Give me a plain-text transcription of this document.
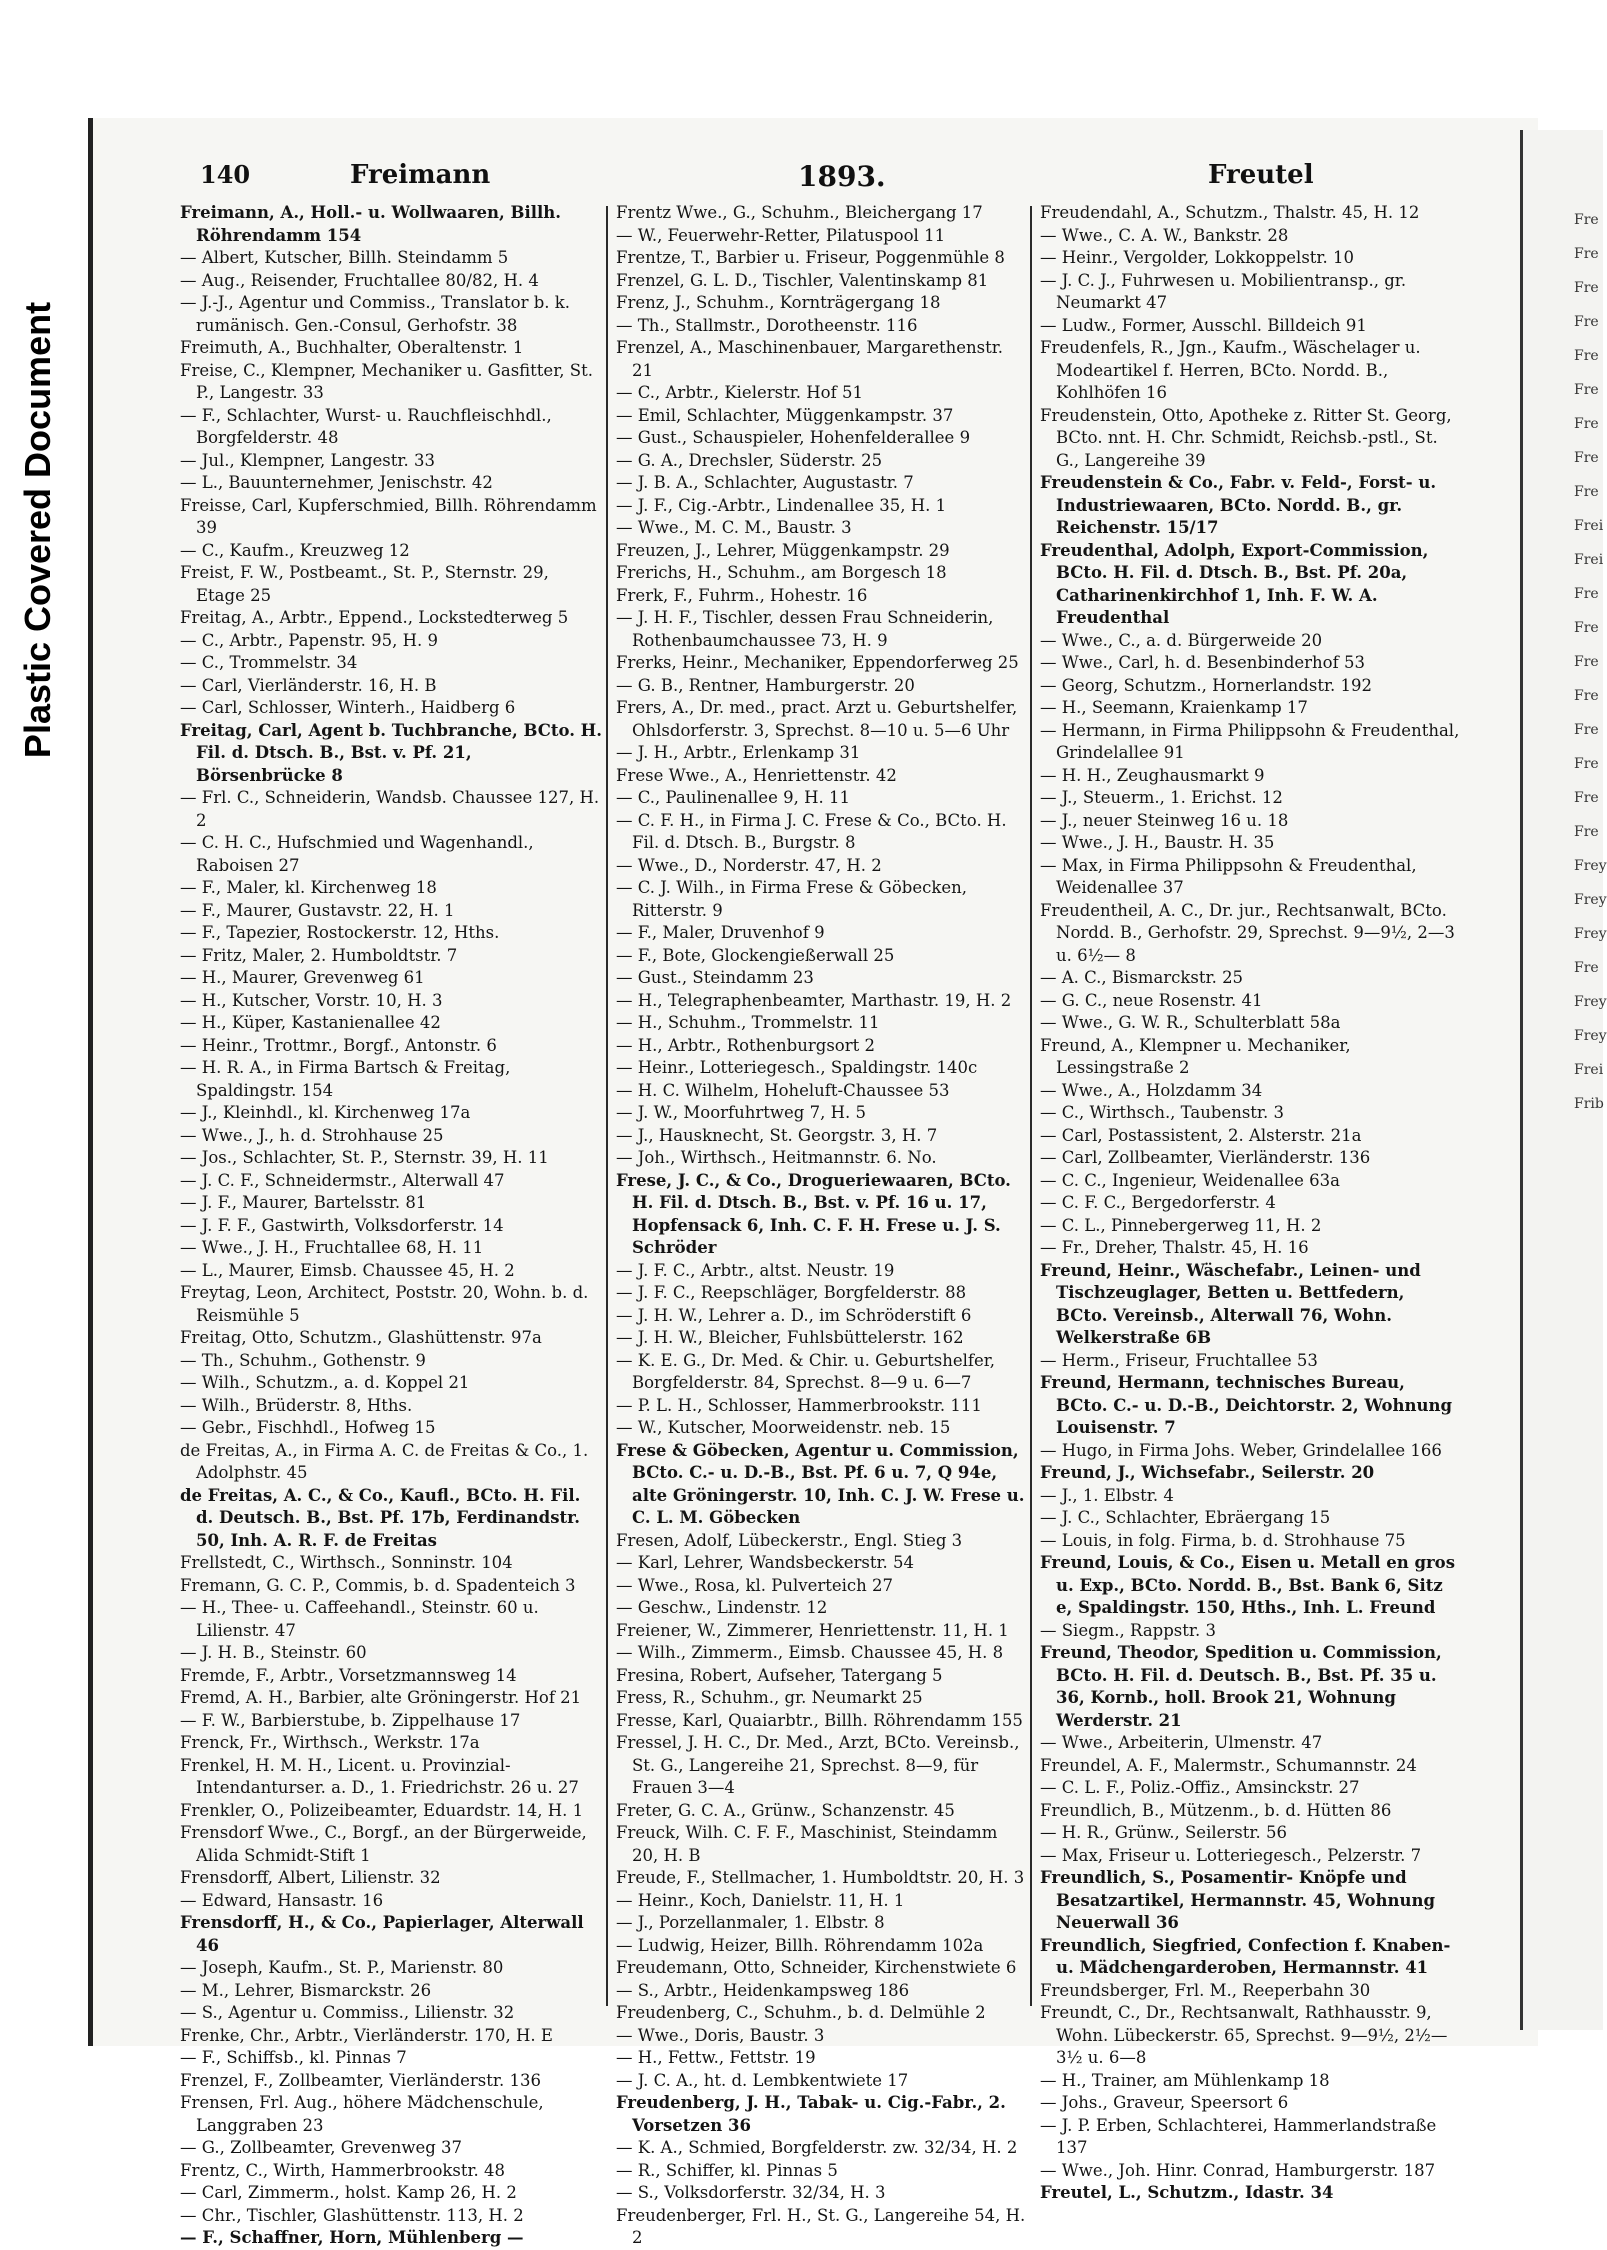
Plastic Covered Document
140	Freimann	1893.	Freutel

Freimann, A., Holl.- u. Wollwaaren, Billh. Röhrendamm 154

— Albert, Kutscher, Billh. Steindamm 5

— Aug., Reisender, Fruchtallee 80/82, H. 4

— J.-J., Agentur und Commiss., Translator b. k. rumänisch. Gen.-Consul, Gerhofstr. 38

Freimuth, A., Buchhalter, Oberaltenstr. 1

Freise, C., Klempner, Mechaniker u. Gasfitter, St. P., Langestr. 33

— F., Schlachter, Wurst- u. Rauchfleischhdl., Borgfelderstr. 48

— Jul., Klempner, Langestr. 33

— L., Bauunternehmer, Jenischstr. 42

Freisse, Carl, Kupferschmied, Billh. Röhrendamm 39

— C., Kaufm., Kreuzweg 12

Freist, F. W., Postbeamt., St. P., Sternstr. 29, Etage 25

Freitag, A., Arbtr., Eppend., Lockstedterweg 5

— C., Arbtr., Papenstr. 95, H. 9

— C., Trommelstr. 34

— Carl, Vierländerstr. 16, H. B

— Carl, Schlosser, Winterh., Haidberg 6

Freitag, Carl, Agent b. Tuchbranche, BCto. H. Fil. d. Dtsch. B., Bst. v. Pf. 21, Börsenbrücke 8

— Frl. C., Schneiderin, Wandsb. Chaussee 127, H. 2

— C. H. C., Hufschmied und Wagenhandl., Raboisen 27

— F., Maler, kl. Kirchenweg 18

— F., Maurer, Gustavstr. 22, H. 1

— F., Tapezier, Rostockerstr. 12, Hths.

— Fritz, Maler, 2. Humboldtstr. 7

— H., Maurer, Grevenweg 61

— H., Kutscher, Vorstr. 10, H. 3

— H., Küper, Kastanienallee 42

— Heinr., Trottmr., Borgf., Antonstr. 6

— H. R. A., in Firma Bartsch & Freitag, Spaldingstr. 154

— J., Kleinhdl., kl. Kirchenweg 17a

— Wwe., J., h. d. Strohhause 25

— Jos., Schlachter, St. P., Sternstr. 39, H. 11

— J. C. F., Schneidermstr., Alterwall 47

— J. F., Maurer, Bartelsstr. 81

— J. F. F., Gastwirth, Volksdorferstr. 14

— Wwe., J. H., Fruchtallee 68, H. 11

— L., Maurer, Eimsb. Chaussee 45, H. 2

Freytag, Leon, Architect, Poststr. 20, Wohn. b. d. Reismühle 5

Freitag, Otto, Schutzm., Glashüttenstr. 97a

— Th., Schuhm., Gothenstr. 9

— Wilh., Schutzm., a. d. Koppel 21

— Wilh., Brüderstr. 8, Hths.

— Gebr., Fischhdl., Hofweg 15

de Freitas, A., in Firma A. C. de Freitas & Co., 1. Adolphstr. 45

de Freitas, A. C., & Co., Kaufl., BCto. H. Fil. d. Deutsch. B., Bst. Pf. 17b, Ferdinandstr. 50, Inh. A. R. F. de Freitas

Frellstedt, C., Wirthsch., Sonninstr. 104

Fremann, G. C. P., Commis, b. d. Spadenteich 3

— H., Thee- u. Caffeehandl., Steinstr. 60 u. Lilienstr. 47

— J. H. B., Steinstr. 60

Fremde, F., Arbtr., Vorsetzmannsweg 14

Fremd, A. H., Barbier, alte Gröningerstr. Hof 21

— F. W., Barbierstube, b. Zippelhause 17

Frenck, Fr., Wirthsch., Werkstr. 17a

Frenkel, H. M. H., Licent. u. Provinzial-Intendanturser. a. D., 1. Friedrichstr. 26 u. 27

Frenkler, O., Polizeibeamter, Eduardstr. 14, H. 1

Frensdorf Wwe., C., Borgf., an der Bürgerweide, Alida Schmidt-Stift 1

Frensdorff, Albert, Lilienstr. 32

— Edward, Hansastr. 16

Frensdorff, H., & Co., Papierlager, Alterwall 46

— Joseph, Kaufm., St. P., Marienstr. 80

— M., Lehrer, Bismarckstr. 26

— S., Agentur u. Commiss., Lilienstr. 32

Frenke, Chr., Arbtr., Vierländerstr. 170, H. E

— F., Schiffsb., kl. Pinnas 7

Frenzel, F., Zollbeamter, Vierländerstr. 136

Frensen, Frl. Aug., höhere Mädchenschule, Langgraben 23

— G., Zollbeamter, Grevenweg 37

Frentz, C., Wirth, Hammerbrookstr. 48

— Carl, Zimmerm., holst. Kamp 26, H. 2

— Chr., Tischler, Glashüttenstr. 113, H. 2

— F., Schaffner, Horn, Mühlenberg —

Frentz Wwe., G., Schuhm., Bleichergang 17

— W., Feuerwehr-Retter, Pilatuspool 11

Frentze, T., Barbier u. Friseur, Poggenmühle 8

Frenzel, G. L. D., Tischler, Valentinskamp 81

Frenz, J., Schuhm., Kornträgergang 18

— Th., Stallmstr., Dorotheenstr. 116

Frenzel, A., Maschinenbauer, Margarethenstr. 21

— C., Arbtr., Kielerstr. Hof 51

— Emil, Schlachter, Müggenkampstr. 37

— Gust., Schauspieler, Hohenfelderallee 9

— G. A., Drechsler, Süderstr. 25

— J. B. A., Schlachter, Augustastr. 7

— J. F., Cig.-Arbtr., Lindenallee 35, H. 1

— Wwe., M. C. M., Baustr. 3

Freuzen, J., Lehrer, Müggenkampstr. 29

Frerichs, H., Schuhm., am Borgesch 18

Frerk, F., Fuhrm., Hohestr. 16

— J. H. F., Tischler, dessen Frau Schneiderin, Rothenbaumchaussee 73, H. 9

Frerks, Heinr., Mechaniker, Eppendorferweg 25

— G. B., Rentner, Hamburgerstr. 20

Frers, A., Dr. med., pract. Arzt u. Geburtshelfer, Ohlsdorferstr. 3, Sprechst. 8—10 u. 5—6 Uhr

— J. H., Arbtr., Erlenkamp 31

Frese Wwe., A., Henriettenstr. 42

— C., Paulinenallee 9, H. 11

— C. F. H., in Firma J. C. Frese & Co., BCto. H. Fil. d. Dtsch. B., Burgstr. 8

— Wwe., D., Norderstr. 47, H. 2

— C. J. Wilh., in Firma Frese & Göbecken, Ritterstr. 9

— F., Maler, Druvenhof 9

— F., Bote, Glockengießerwall 25

— Gust., Steindamm 23

— H., Telegraphenbeamter, Marthastr. 19, H. 2

— H., Schuhm., Trommelstr. 11

— H., Arbtr., Rothenburgsort 2

— Heinr., Lotteriegesch., Spaldingstr. 140c

— H. C. Wilhelm, Hoheluft-Chaussee 53

— J. W., Moorfuhrtweg 7, H. 5

— J., Hausknecht, St. Georgstr. 3, H. 7

— Joh., Wirthsch., Heitmannstr. 6. No.

Frese, J. C., & Co., Drogueriewaaren, BCto. H. Fil. d. Dtsch. B., Bst. v. Pf. 16 u. 17, Hopfensack 6, Inh. C. F. H. Frese u. J. S. Schröder

— J. F. C., Arbtr., altst. Neustr. 19

— J. F. C., Reepschläger, Borgfelderstr. 88

— J. H. W., Lehrer a. D., im Schröderstift 6

— J. H. W., Bleicher, Fuhlsbüttelerstr. 162

— K. E. G., Dr. Med. & Chir. u. Geburtshelfer, Borgfelderstr. 84, Sprechst. 8—9 u. 6—7

— P. L. H., Schlosser, Hammerbrookstr. 111

— W., Kutscher, Moorweidenstr. neb. 15

Frese & Göbecken, Agentur u. Commission, BCto. C.- u. D.-B., Bst. Pf. 6 u. 7, Q 94e, alte Gröningerstr. 10, Inh. C. J. W. Frese u. C. L. M. Göbecken

Fresen, Adolf, Lübeckerstr., Engl. Stieg 3

— Karl, Lehrer, Wandsbeckerstr. 54

— Wwe., Rosa, kl. Pulverteich 27

— Geschw., Lindenstr. 12

Freiener, W., Zimmerer, Henriettenstr. 11, H. 1

— Wilh., Zimmerm., Eimsb. Chaussee 45, H. 8

Fresina, Robert, Aufseher, Tatergang 5

Fress, R., Schuhm., gr. Neumarkt 25

Fresse, Karl, Quaiarbtr., Billh. Röhrendamm 155

Fressel, J. H. C., Dr. Med., Arzt, BCto. Vereinsb., St. G., Langereihe 21, Sprechst. 8—9, für Frauen 3—4

Freter, G. C. A., Grünw., Schanzenstr. 45

Freuck, Wilh. C. F. F., Maschinist, Steindamm 20, H. B

Freude, F., Stellmacher, 1. Humboldtstr. 20, H. 3

— Heinr., Koch, Danielstr. 11, H. 1

— J., Porzellanmaler, 1. Elbstr. 8

— Ludwig, Heizer, Billh. Röhrendamm 102a

Freudemann, Otto, Schneider, Kirchenstwiete 6

— S., Arbtr., Heidenkampsweg 186

Freudenberg, C., Schuhm., b. d. Delmühle 2

— Wwe., Doris, Baustr. 3

— H., Fettw., Fettstr. 19

— J. C. A., ht. d. Lembkentwiete 17

Freudenberg, J. H., Tabak- u. Cig.-Fabr., 2. Vorsetzen 36

— K. A., Schmied, Borgfelderstr. zw. 32/34, H. 2

— R., Schiffer, kl. Pinnas 5

— S., Volksdorferstr. 32/34, H. 3

Freudenberger, Frl. H., St. G., Langereihe 54, H. 2

Freudendahl, A., Schutzm., Thalstr. 45, H. 12

— Wwe., C. A. W., Bankstr. 28

— Heinr., Vergolder, Lokkoppelstr. 10

— J. C. J., Fuhrwesen u. Mobilientransp., gr. Neumarkt 47

— Ludw., Former, Ausschl. Billdeich 91

Freudenfels, R., Jgn., Kaufm., Wäschelager u. Modeartikel f. Herren, BCto. Nordd. B., Kohlhöfen 16

Freudenstein, Otto, Apotheke z. Ritter St. Georg, BCto. nnt. H. Chr. Schmidt, Reichsb.-pstl., St. G., Langereihe 39

Freudenstein & Co., Fabr. v. Feld-, Forst- u. Industriewaaren, BCto. Nordd. B., gr. Reichenstr. 15/17

Freudenthal, Adolph, Export-Commission, BCto. H. Fil. d. Dtsch. B., Bst. Pf. 20a, Catharinenkirchhof 1, Inh. F. W. A. Freudenthal

— Wwe., C., a. d. Bürgerweide 20

— Wwe., Carl, h. d. Besenbinderhof 53

— Georg, Schutzm., Hornerlandstr. 192

— H., Seemann, Kraienkamp 17

— Hermann, in Firma Philippsohn & Freudenthal, Grindelallee 91

— H. H., Zeughausmarkt 9

— J., Steuerm., 1. Erichst. 12

— J., neuer Steinweg 16 u. 18

— Wwe., J. H., Baustr. H. 35

— Max, in Firma Philippsohn & Freudenthal, Weidenallee 37

Freudentheil, A. C., Dr. jur., Rechtsanwalt, BCto. Nordd. B., Gerhofstr. 29, Sprechst. 9—9½, 2—3 u. 6½— 8

— A. C., Bismarckstr. 25

— G. C., neue Rosenstr. 41

— Wwe., G. W. R., Schulterblatt 58a

Freund, A., Klempner u. Mechaniker, Lessingstraße 2

— Wwe., A., Holzdamm 34

— C., Wirthsch., Taubenstr. 3

— Carl, Postassistent, 2. Alsterstr. 21a

— Carl, Zollbeamter, Vierländerstr. 136

— C. C., Ingenieur, Weidenallee 63a

— C. F. C., Bergedorferstr. 4

— C. L., Pinnebergerweg 11, H. 2

— Fr., Dreher, Thalstr. 45, H. 16

Freund, Heinr., Wäschefabr., Leinen- und Tischzeuglager, Betten u. Bettfedern, BCto. Vereinsb., Alterwall 76, Wohn. Welkerstraße 6B

— Herm., Friseur, Fruchtallee 53

Freund, Hermann, technisches Bureau, BCto. C.- u. D.-B., Deichtorstr. 2, Wohnung Louisenstr. 7

— Hugo, in Firma Johs. Weber, Grindelallee 166

Freund, J., Wichsefabr., Seilerstr. 20

— J., 1. Elbstr. 4

— J. C., Schlachter, Ebräergang 15

— Louis, in folg. Firma, b. d. Strohhause 75

Freund, Louis, & Co., Eisen u. Metall en gros u. Exp., BCto. Nordd. B., Bst. Bank 6, Sitz e, Spaldingstr. 150, Hths., Inh. L. Freund

— Siegm., Rappstr. 3

Freund, Theodor, Spedition u. Commission, BCto. H. Fil. d. Deutsch. B., Bst. Pf. 35 u. 36, Kornb., holl. Brook 21, Wohnung Werderstr. 21

— Wwe., Arbeiterin, Ulmenstr. 47

Freundel, A. F., Malermstr., Schumannstr. 24

— C. L. F., Poliz.-Offiz., Amsinckstr. 27

Freundlich, B., Mützenm., b. d. Hütten 86

— H. R., Grünw., Seilerstr. 56

— Max, Friseur u. Lotteriegesch., Pelzerstr. 7

Freundlich, S., Posamentir- Knöpfe und Besatzartikel, Hermannstr. 45, Wohnung Neuerwall 36

Freundlich, Siegfried, Confection f. Knaben- u. Mädchengarderoben, Hermannstr. 41

Freundsberger, Frl. M., Reeperbahn 30

Freundt, C., Dr., Rechtsanwalt, Rathhausstr. 9, Wohn. Lübeckerstr. 65, Sprechst. 9—9½, 2½—3½ u. 6—8

— H., Trainer, am Mühlenkamp 18

— Johs., Graveur, Speersort 6

— J. P. Erben, Schlachterei, Hammerlandstraße 137

— Wwe., Joh. Hinr. Conrad, Hamburgerstr. 187

Freutel, L., Schutzm., Idastr. 34

Fre
Fre
Fre
Fre
Fre
Fre
Fre
Fre
Fre
Frei
Frei
Fre
Fre
Fre
Fre
Fre
Fre
Fre
Fre
Frey
Frey
Frey
Fre
Frey
Frey
Frei
Frib
